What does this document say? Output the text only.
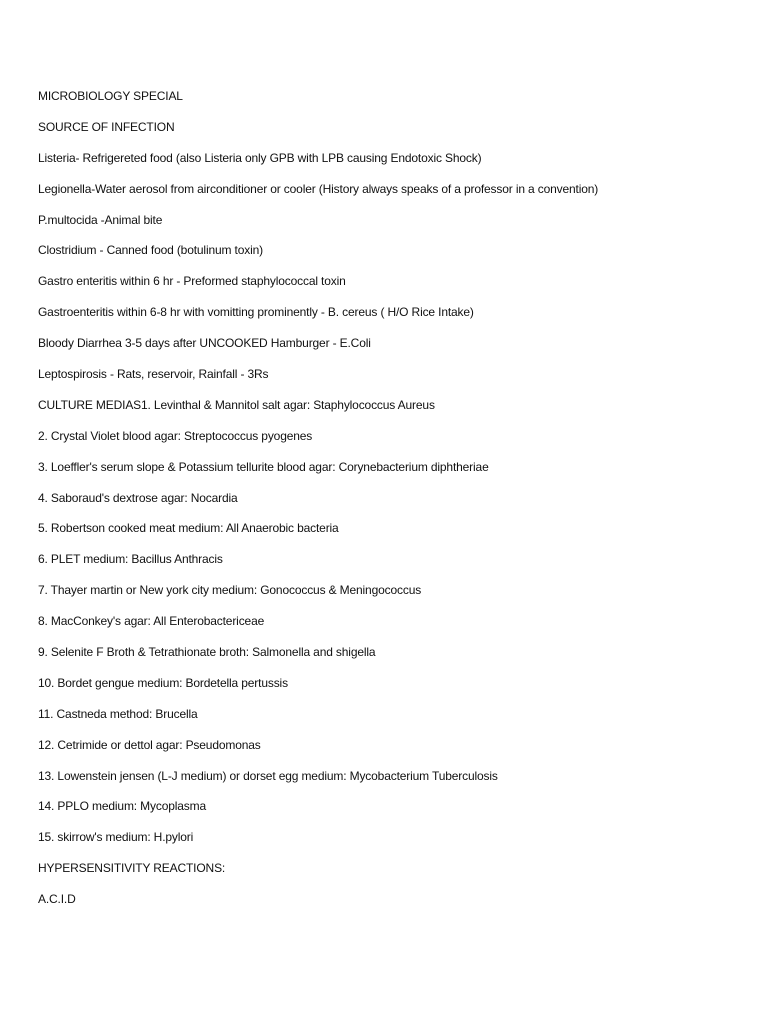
MICROBIOLOGY SPECIAL
SOURCE OF INFECTION
Listeria- Refrigereted food (also Listeria only GPB with LPB causing Endotoxic Shock)
Legionella-Water aerosol from airconditioner or cooler (History always speaks of a professor in a convention)
P.multocida -Animal bite
Clostridium - Canned food (botulinum toxin)
Gastro enteritis within 6 hr - Preformed staphylococcal toxin
Gastroenteritis within 6-8 hr with vomitting prominently - B. cereus ( H/O Rice Intake)
Bloody Diarrhea 3-5 days after UNCOOKED Hamburger - E.Coli
Leptospirosis - Rats, reservoir, Rainfall - 3Rs
CULTURE MEDIAS1. Levinthal & Mannitol salt agar: Staphylococcus Aureus
2. Crystal Violet blood agar: Streptococcus pyogenes
3. Loeffler's serum slope & Potassium tellurite blood agar: Corynebacterium diphtheriae
4. Saboraud's dextrose agar: Nocardia
5. Robertson cooked meat medium: All Anaerobic bacteria
6. PLET medium: Bacillus Anthracis
7. Thayer martin or New york city medium: Gonococcus & Meningococcus
8. MacConkey's agar: All Enterobactericeae
9. Selenite F Broth & Tetrathionate broth: Salmonella and shigella
10. Bordet gengue medium: Bordetella pertussis
11. Castneda method: Brucella
12. Cetrimide or dettol agar: Pseudomonas
13. Lowenstein jensen (L-J medium) or dorset egg medium: Mycobacterium Tuberculosis
14. PPLO medium: Mycoplasma
15. skirrow's medium: H.pylori
HYPERSENSITIVITY REACTIONS:
A.C.I.D
